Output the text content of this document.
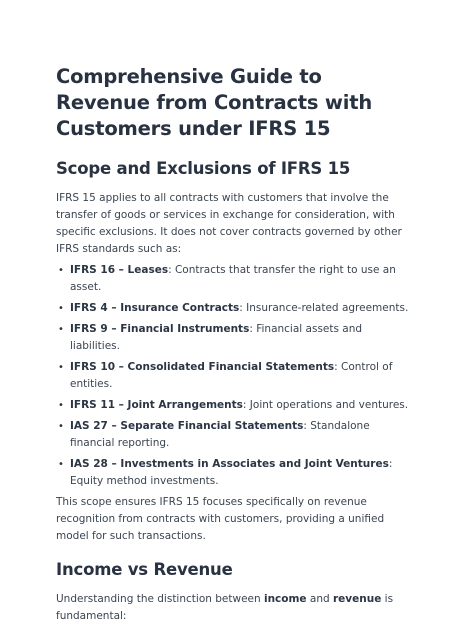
Comprehensive Guide to Revenue from Contracts with Customers under IFRS 15
Scope and Exclusions of IFRS 15

IFRS 15 applies to all contracts with customers that involve the transfer of goods or services in exchange for consideration, with specific exclusions. It does not cover contracts governed by other IFRS standards such as:

• IFRS 16 – Leases: Contracts that transfer the right to use an asset.
• IFRS 4 – Insurance Contracts: Insurance-related agreements.
• IFRS 9 – Financial Instruments: Financial assets and liabilities.
• IFRS 10 – Consolidated Financial Statements: Control of entities.
• IFRS 11 – Joint Arrangements: Joint operations and ventures.
• IAS 27 – Separate Financial Statements: Standalone financial reporting.
• IAS 28 – Investments in Associates and Joint Ventures: Equity method investments.

This scope ensures IFRS 15 focuses specifically on revenue recognition from contracts with customers, providing a unified model for such transactions.

Income vs Revenue

Understanding the distinction between income and revenue is fundamental:
